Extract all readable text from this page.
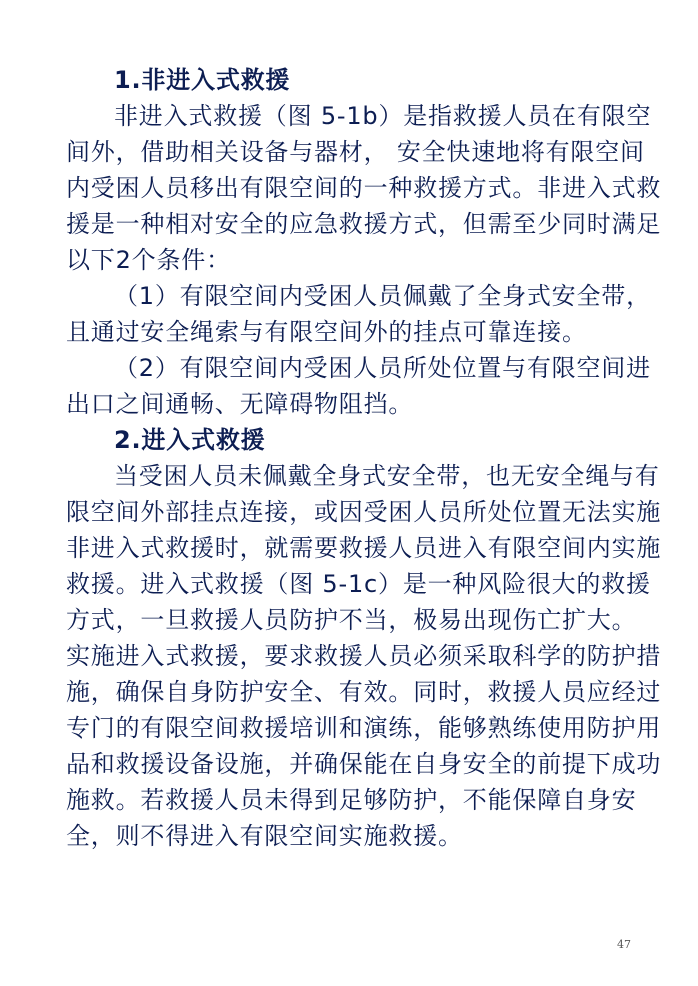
1.非进入式救援
非进入式救援（图 5-1b）是指救援人员在有限空
间外，借助相关设备与器材， 安全快速地将有限空间
内受困人员移出有限空间的一种救援方式。非进入式救
援是一种相对安全的应急救援方式，但需至少同时满足
以下2个条件：
（1）有限空间内受困人员佩戴了全身式安全带，
且通过安全绳索与有限空间外的挂点可靠连接。
（2）有限空间内受困人员所处位置与有限空间进
出口之间通畅、无障碍物阻挡。
2.进入式救援
当受困人员未佩戴全身式安全带，也无安全绳与有
限空间外部挂点连接，或因受困人员所处位置无法实施
非进入式救援时，就需要救援人员进入有限空间内实施
救援。进入式救援（图 5-1c）是一种风险很大的救援
方式，一旦救援人员防护不当，极易出现伤亡扩大。
实施进入式救援，要求救援人员必须采取科学的防护措
施，确保自身防护安全、有效。同时，救援人员应经过
专门的有限空间救援培训和演练，能够熟练使用防护用
品和救援设备设施，并确保能在自身安全的前提下成功
施救。若救援人员未得到足够防护，不能保障自身安
全，则不得进入有限空间实施救援。
47
